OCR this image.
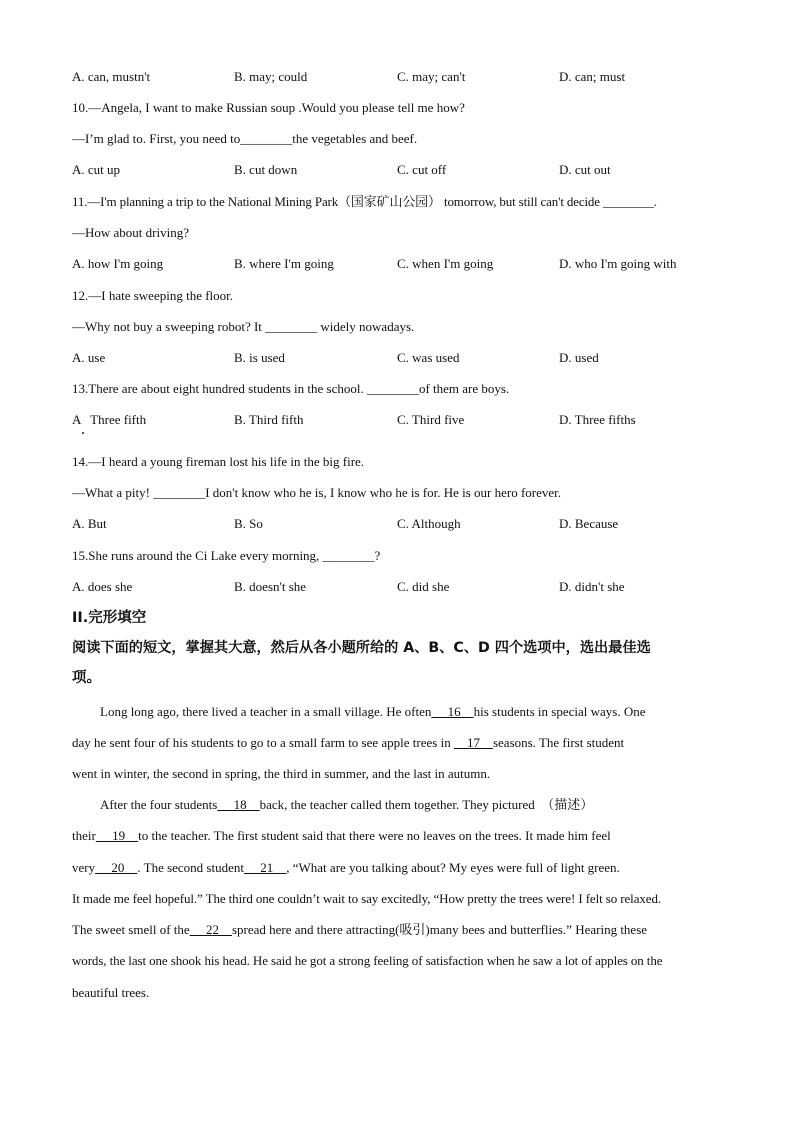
A. can, mustn't	B. may; could	C. may; can't	D. can; must
10.—Angela, I want to make Russian soup .Would you please tell me how?
—I’m glad to. First, you need to________the vegetables and beef.
A. cut up	B. cut down	C. cut off	D. cut out
11.—I'm planning a trip to the National Mining Park（国家矿山公园） tomorrow, but still can't decide ________.
—How about driving?
A. how I'm going	B. where I'm going	C. when I'm going	D. who I'm going with
12.—I hate sweeping the floor.
—Why not buy a sweeping robot? It ________ widely nowadays.
A. use	B. is used	C. was used	D. used
13.There are about eight hundred students in the school. ________of them are boys.
A   Three fifth	B. Third fifth	C. Third five	D. Three fifths
14.—I heard a young fireman lost his life in the big fire.
—What a pity! ________I don't know who he is, I know who he is for. He is our hero forever.
A. But	B. So	C. Although	D. Because
15.She runs around the Ci Lake every morning, ________?
A. does she	B. doesn't she	C. did she	D. didn't she
II.完形填空
阅读下面的短文，掌握其大意，然后从各小题所给的 A、B、C、D 四个选项中，选出最佳选
项。
Long long ago, there lived a teacher in a small village. He often     16    his students in special ways. One
day he sent four of his students to go to a small farm to see apple trees in     17    seasons. The first student
went in winter, the second in spring, the third in summer, and the last in autumn.
After the four students     18    back, the teacher called them together. They pictured  （描述）
their     19    to the teacher. The first student said that there were no leaves on the trees. It made him feel
very     20    . The second student     21    , “What are you talking about? My eyes were full of light green.
It made me feel hopeful.” The third one couldn’t wait to say excitedly, “How pretty the trees were! I felt so relaxed.
The sweet smell of the     22    spread here and there attracting(吸引)many bees and butterflies.” Hearing these
words, the last one shook his head. He said he got a strong feeling of satisfaction when he saw a lot of apples on the
beautiful trees.
